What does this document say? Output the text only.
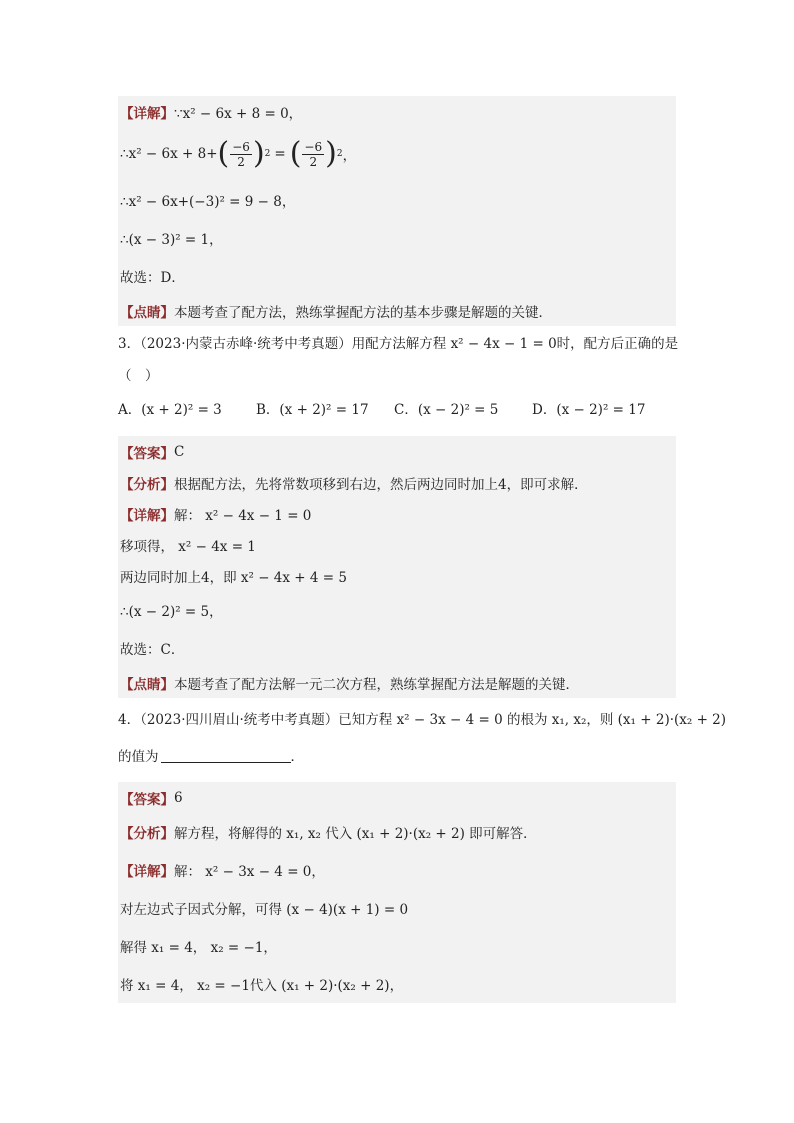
【详解】 ∵x² − 6x + 8 = 0，
∴x² − 6x + 8+ ( $\frac{-6}{2}$ ) 2 = ( $\frac{-6}{2}$ ) 2 ，
∴x² − 6x+(−3)² = 9 − 8，
∴(x − 3)² = 1，
故选：D．
【点睛】 本题考查了配方法，熟练掌握配方法的基本步骤是解题的关键．
3．（2023·内蒙古赤峰·统考中考真题）用配方法解方程 x² − 4x − 1 = 0时，配方后正确的是
（　）
A．(x + 2)² = 3	B．(x + 2)² = 17	C．(x − 2)² = 5	D．(x − 2)² = 17
【答案】 C
【分析】 根据配方法，先将常数项移到右边，然后两边同时加上4，即可求解．
【详解】 解： x² − 4x − 1 = 0
移项得， x² − 4x = 1
两边同时加上4，即 x² − 4x + 4 = 5
∴(x − 2)² = 5，
故选：C．
【点睛】 本题考查了配方法解一元二次方程，熟练掌握配方法是解题的关键．
4．（2023·四川眉山·统考中考真题）已知方程 x² − 3x − 4 = 0 的根为 x₁, x₂，则 (x₁ + 2)·(x₂ + 2)
的值为	．
【答案】 6
【分析】 解方程，将解得的 x₁, x₂ 代入 (x₁ + 2)·(x₂ + 2) 即可解答．
【详解】 解： x² − 3x − 4 = 0，
对左边式子因式分解，可得 (x − 4)(x + 1) = 0
解得 x₁ = 4， x₂ = −1，
将 x₁ = 4， x₂ = −1代入 (x₁ + 2)·(x₂ + 2)，
